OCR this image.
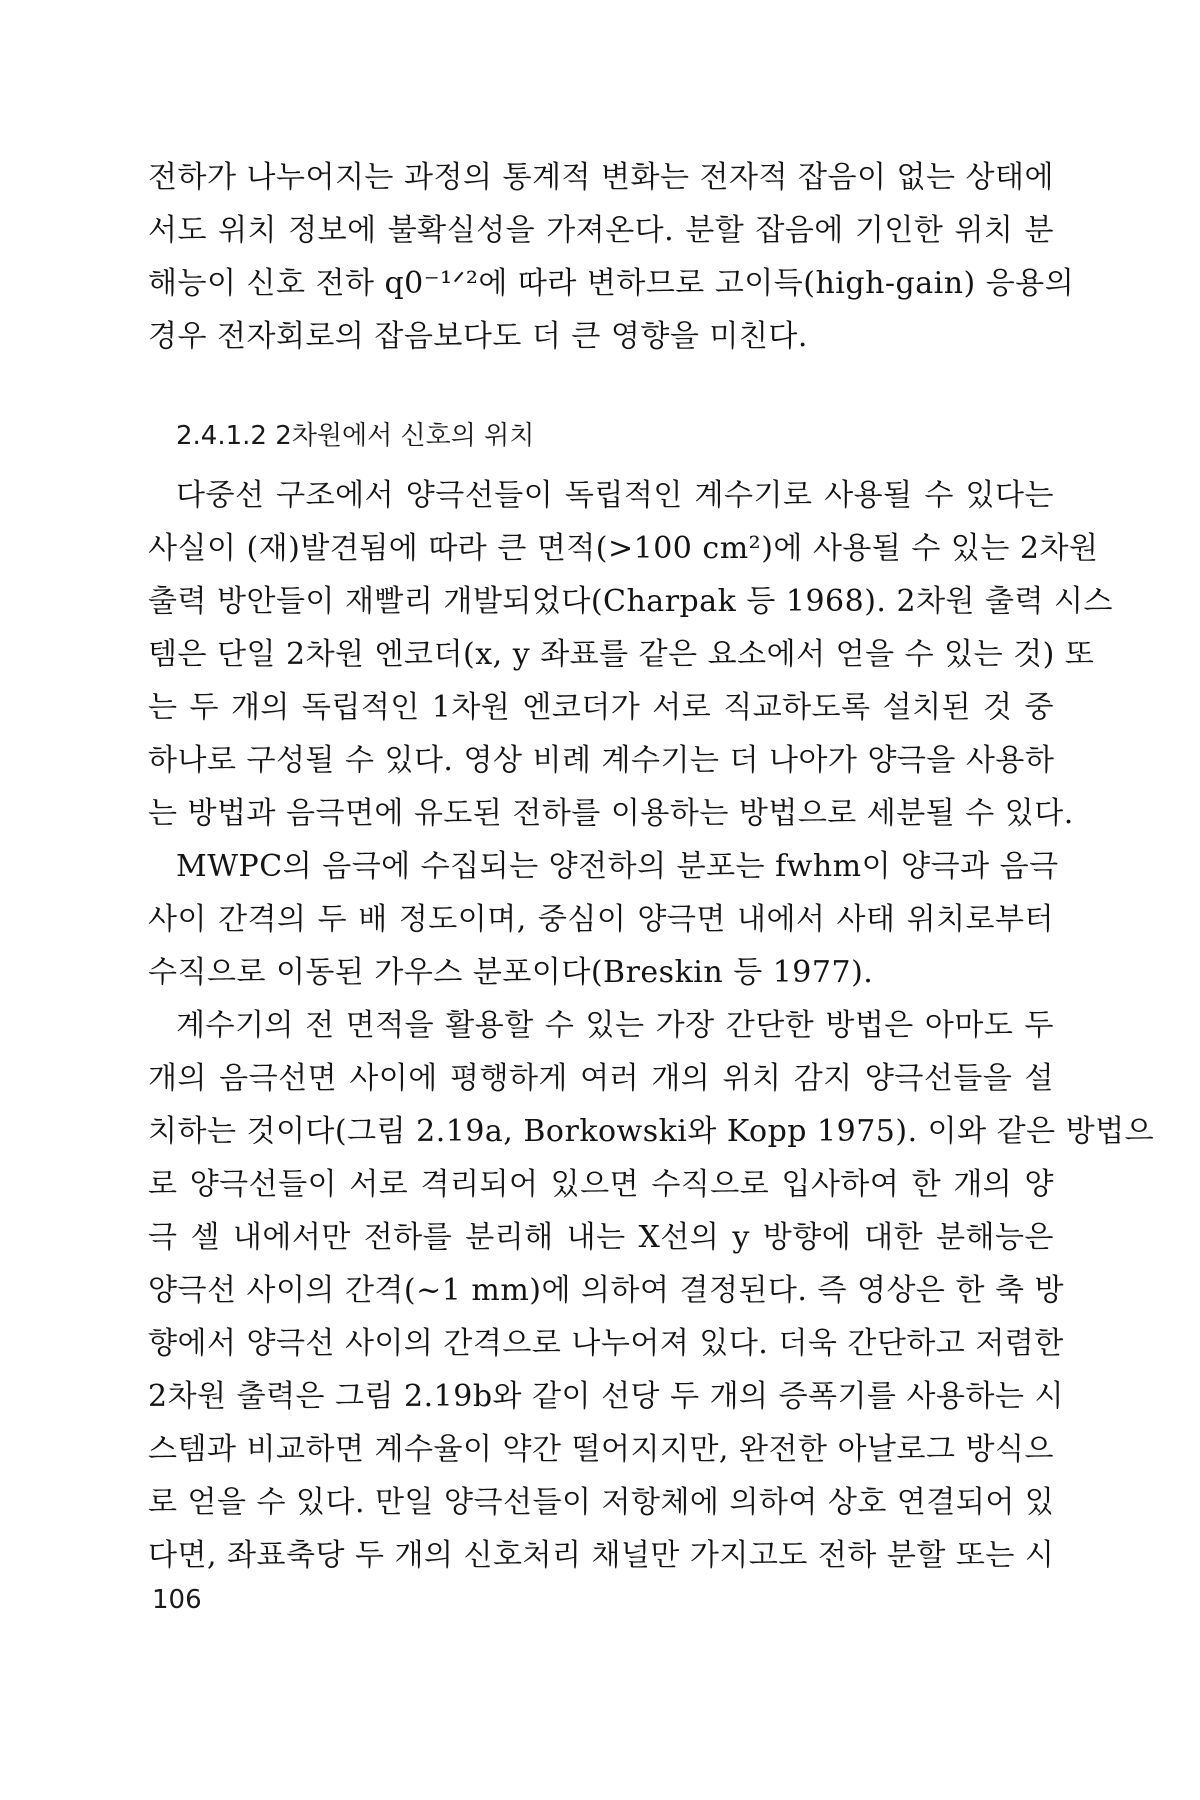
전하가 나누어지는 과정의 통계적 변화는 전자적 잡음이 없는 상태에
서도 위치 정보에 불확실성을 가져온다. 분할 잡음에 기인한 위치 분
해능이 신호 전하 q0⁻¹ᐟ²에 따라 변하므로 고이득(high-gain) 응용의
경우 전자회로의 잡음보다도 더 큰 영향을 미친다.
2.4.1.2 2차원에서 신호의 위치
다중선 구조에서 양극선들이 독립적인 계수기로 사용될 수 있다는
사실이 (재)발견됨에 따라 큰 면적(>100 cm²)에 사용될 수 있는 2차원
출력 방안들이 재빨리 개발되었다(Charpak 등 1968). 2차원 출력 시스
템은 단일 2차원 엔코더(x, y 좌표를 같은 요소에서 얻을 수 있는 것) 또
는 두 개의 독립적인 1차원 엔코더가 서로 직교하도록 설치된 것 중
하나로 구성될 수 있다. 영상 비례 계수기는 더 나아가 양극을 사용하
는 방법과 음극면에 유도된 전하를 이용하는 방법으로 세분될 수 있다.
MWPC의 음극에 수집되는 양전하의 분포는 fwhm이 양극과 음극
사이 간격의 두 배 정도이며, 중심이 양극면 내에서 사태 위치로부터
수직으로 이동된 가우스 분포이다(Breskin 등 1977).
계수기의 전 면적을 활용할 수 있는 가장 간단한 방법은 아마도 두
개의 음극선면 사이에 평행하게 여러 개의 위치 감지 양극선들을 설
치하는 것이다(그림 2.19a, Borkowski와 Kopp 1975). 이와 같은 방법으
로 양극선들이 서로 격리되어 있으면 수직으로 입사하여 한 개의 양
극 셀 내에서만 전하를 분리해 내는 X선의 y 방향에 대한 분해능은
양극선 사이의 간격(~1 mm)에 의하여 결정된다. 즉 영상은 한 축 방
향에서 양극선 사이의 간격으로 나누어져 있다. 더욱 간단하고 저렴한
2차원 출력은 그림 2.19b와 같이 선당 두 개의 증폭기를 사용하는 시
스템과 비교하면 계수율이 약간 떨어지지만, 완전한 아날로그 방식으
로 얻을 수 있다. 만일 양극선들이 저항체에 의하여 상호 연결되어 있
다면, 좌표축당 두 개의 신호처리 채널만 가지고도 전하 분할 또는 시
106
